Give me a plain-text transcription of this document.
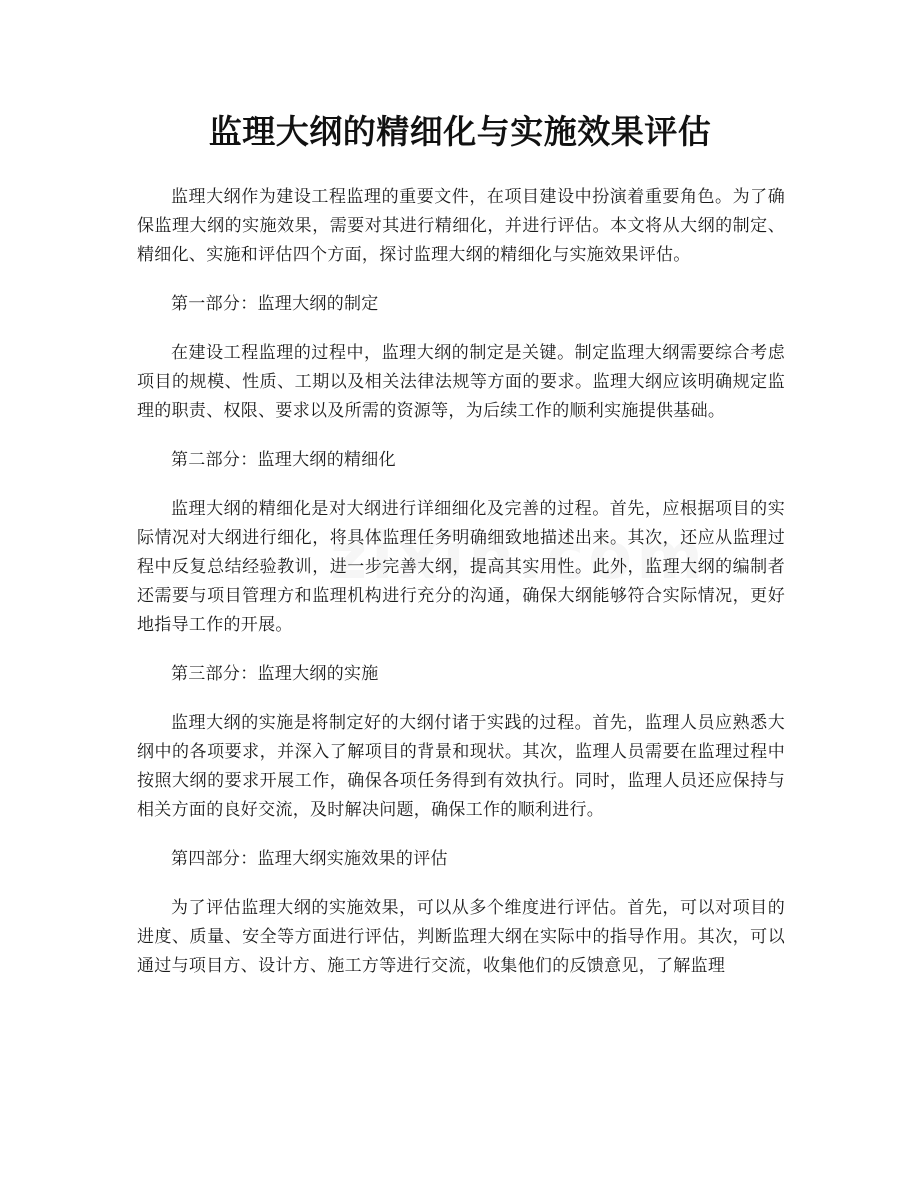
监理大纲的精细化与实施效果评估

监理大纲作为建设工程监理的重要文件，在项目建设中扮演着重要角色。为了确保监理大纲的实施效果，需要对其进行精细化，并进行评估。本文将从大纲的制定、精细化、实施和评估四个方面，探讨监理大纲的精细化与实施效果评估。

第一部分：监理大纲的制定

在建设工程监理的过程中，监理大纲的制定是关键。制定监理大纲需要综合考虑项目的规模、性质、工期以及相关法律法规等方面的要求。监理大纲应该明确规定监理的职责、权限、要求以及所需的资源等，为后续工作的顺利实施提供基础。

第二部分：监理大纲的精细化

监理大纲的精细化是对大纲进行详细细化及完善的过程。首先，应根据项目的实际情况对大纲进行细化，将具体监理任务明确细致地描述出来。其次，还应从监理过程中反复总结经验教训，进一步完善大纲，提高其实用性。此外，监理大纲的编制者还需要与项目管理方和监理机构进行充分的沟通，确保大纲能够符合实际情况，更好地指导工作的开展。

第三部分：监理大纲的实施

监理大纲的实施是将制定好的大纲付诸于实践的过程。首先，监理人员应熟悉大纲中的各项要求，并深入了解项目的背景和现状。其次，监理人员需要在监理过程中按照大纲的要求开展工作，确保各项任务得到有效执行。同时，监理人员还应保持与相关方面的良好交流，及时解决问题，确保工作的顺利进行。

第四部分：监理大纲实施效果的评估

为了评估监理大纲的实施效果，可以从多个维度进行评估。首先，可以对项目的进度、质量、安全等方面进行评估，判断监理大纲在实际中的指导作用。其次，可以通过与项目方、设计方、施工方等进行交流，收集他们的反馈意见，了解监理
